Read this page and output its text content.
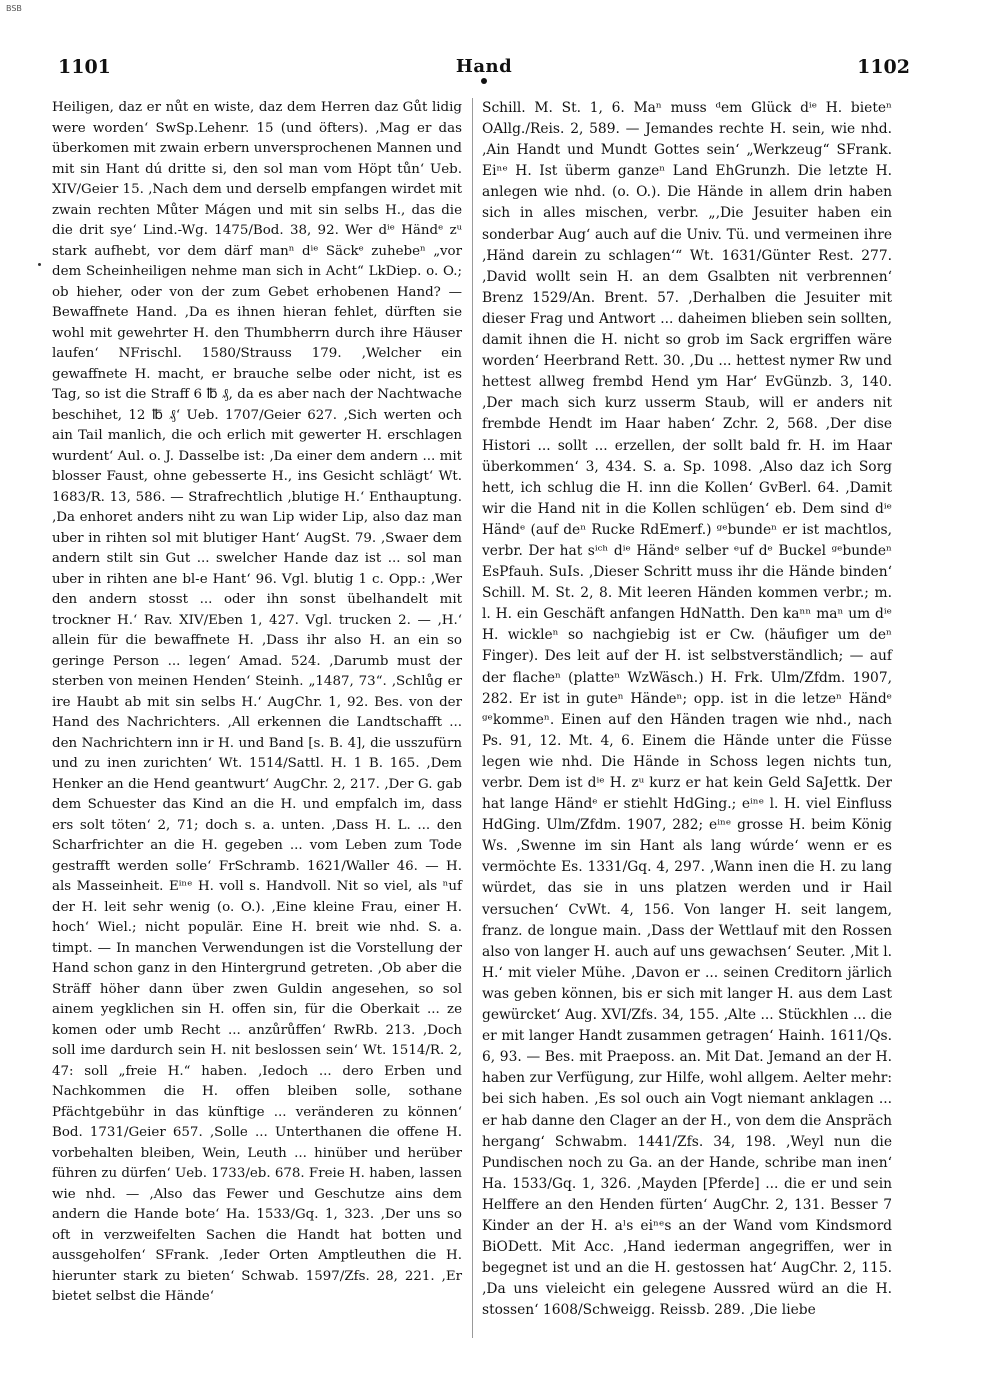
BSB
1101	Hand	1102

Heiligen, daz er nůt en wiste, daz dem Herren daz Gůt lidig were worden‘ SwSp.Lehenr. 15 (und öfters). ‚Mag er das überkomen mit zwain erbern unversprochenen Mannen und mit sin Hant dú dritte si, den sol man vom Höpt tůn‘ Ueb. XIV/Geier 15. ‚Nach dem und derselb empfangen wirdet mit zwain rechten Můter Mágen und mit sin selbs H., das die die drit sye‘ Lind.-Wg. 1475/Bod. 38, 92. Wer dⁱᵉ Händᵉ zᵘ stark aufhebt, vor dem därf manⁿ dⁱᵉ Säckᵉ zuhebeⁿ „vor dem Scheinheiligen nehme man sich in Acht“ LkDiep. o. O.; ob hieher, oder von der zum Gebet erhobenen Hand? — Bewaffnete Hand. ‚Da es ihnen hieran fehlet, dürften sie wohl mit gewehrter H. den Thumbherrn durch ihre Häuser laufen‘ NFrischl. 1580/Strauss 179. ‚Welcher ein gewaffnete H. macht, er brauche selbe oder nicht, ist es Tag, so ist die Straff 6 ℔ ₰, da es aber nach der Nachtwache beschihet, 12 ℔ ₰‘ Ueb. 1707/Geier 627. ‚Sich werten och ain Tail manlich, die och erlich mit gewerter H. erschlagen wurdent‘ Aul. o. J. Dasselbe ist: ‚Da einer dem andern ... mit blosser Faust, ohne gebesserte H., ins Gesicht schlägt‘ Wt. 1683/R. 13, 586. — Strafrechtlich ‚blutige H.‘ Enthauptung. ‚Da enhoret anders niht zu wan Lip wider Lip, also daz man uber in rihten sol mit blutiger Hant‘ AugSt. 79. ‚Swaer dem andern stilt sin Gut ... swelcher Hande daz ist ... sol man uber in rihten ane bl-e Hant‘ 96. Vgl. blutig 1 c. Opp.: ‚Wer den andern stosst ... oder ihn sonst übelhandelt mit trockner H.‘ Rav. XIV/Eben 1, 427. Vgl. trucken 2. — ‚H.‘ allein für die bewaffnete H. ‚Dass ihr also H. an ein so geringe Person ... legen‘ Amad. 524. ‚Darumb must der sterben von meinen Henden‘ Steinh. „1487, 73“. ‚Schlůg er ire Haubt ab mit sin selbs H.‘ AugChr. 1, 92. Bes. von der Hand des Nachrichters. ‚All erkennen die Landtschafft ... den Nachrichtern inn ir H. und Band [s. B. 4], die usszufürn und zu inen zurichten‘ Wt. 1514/Sattl. H. 1 B. 165. ‚Dem Henker an die Hend geantwurt‘ AugChr. 2, 217. ‚Der G. gab dem Schuester das Kind an die H. und empfalch im, dass ers solt töten‘ 2, 71; doch s. a. unten. ‚Dass H. L. ... den Scharfrichter an die H. gegeben ... vom Leben zum Tode gestrafft werden solle‘ FrSchramb. 1621/Waller 46. — H. als Masseinheit. Eⁱⁿᵉ H. voll s. Handvoll. Nit so viel, als ⁿuf der H. leit sehr wenig (o. O.). ‚Eine kleine Frau, einer H. hoch‘ Wiel.; nicht populär. Eine H. breit wie nhd. S. a. timpt. — In manchen Verwendungen ist die Vorstellung der Hand schon ganz in den Hintergrund getreten. ‚Ob aber die Sträff höher dann über zwen Guldin angesehen, so sol ainem yegklichen sin H. offen sin, für die Oberkait ... ze komen oder umb Recht ... anzůrůffen‘ RwRb. 213. ‚Doch soll ime dardurch sein H. nit beslossen sein‘ Wt. 1514/R. 2, 47: soll „freie H.“ haben. ‚Iedoch ... dero Erben und Nachkommen die H. offen bleiben solle, sothane Pfächtgebühr in das künftige ... veränderen zu können‘ Bod. 1731/Geier 657. ‚Solle ... Unterthanen die offene H. vorbehalten bleiben, Wein, Leuth ... hinüber und herüber führen zu dürfen‘ Ueb. 1733/eb. 678. Freie H. haben, lassen wie nhd. — ‚Also das Fewer und Geschutze ains dem andern die Hande bote‘ Ha. 1533/Gq. 1, 323. ‚Der uns so oft in verzweifelten Sachen die Handt hat botten und aussgeholfen‘ SFrank. ‚Ieder Orten Amptleuthen die H. hierunter stark zu bieten‘ Schwab. 1597/Zfs. 28, 221. ‚Er bietet selbst die Hände‘

Schill. M. St. 1, 6. Maⁿ muss ᵈem Glück dⁱᵉ H. bieteⁿ OAllg./Reis. 2, 589. — Jemandes rechte H. sein, wie nhd. ‚Ain Handt und Mundt Gottes sein‘ „Werkzeug“ SFrank. Eiⁿᵉ H. Ist überm ganzeⁿ Land EhGrunzh. Die letzte H. anlegen wie nhd. (o. O.). Die Hände in allem drin haben sich in alles mischen, verbr. „‚Die Jesuiter haben ein sonderbar Aug‘ auch auf die Univ. Tü. und vermeinen ihre ‚Händ darein zu schlagen‘“ Wt. 1631/Günter Rest. 277. ‚David wollt sein H. an dem Gsalbten nit verbrennen‘ Brenz 1529/An. Brent. 57. ‚Derhalben die Jesuiter mit dieser Frag und Antwort ... daheimen blieben sein sollten, damit ihnen die H. nicht so grob im Sack ergriffen wäre worden‘ Heerbrand Rett. 30. ‚Du ... hettest nymer Rw und hettest allweg frembd Hend ym Har‘ EvGünzb. 3, 140. ‚Der mach sich kurz usserm Staub, will er anders nit frembde Hendt im Haar haben‘ Zchr. 2, 568. ‚Der dise Histori ... sollt ... erzellen, der sollt bald fr. H. im Haar überkommen‘ 3, 434. S. a. Sp. 1098. ‚Also daz ich Sorg hett, ich schlug die H. inn die Kollen‘ GvBerl. 64. ‚Damit wir die Hand nit in die Kollen schlügen‘ eb. Dem sind dⁱᵉ Händᵉ (auf deⁿ Rucke RdEmerf.) ᵍᵉbundeⁿ er ist machtlos, verbr. Der hat sⁱᶜʰ dⁱᵉ Händᵉ selber ᵉuf dᵉ Buckel ᵍᵉbundeⁿ EsPfauh. SuIs. ‚Dieser Schritt muss ihr die Hände binden‘ Schill. M. St. 2, 8. Mit leeren Händen kommen verbr.; m. l. H. ein Geschäft anfangen HdNatth. Den kaⁿⁿ maⁿ um dⁱᵉ H. wickleⁿ so nachgiebig ist er Cw. (häufiger um deⁿ Finger). Des leit auf der H. ist selbstverständlich; — auf der flacheⁿ (platteⁿ WzWäsch.) H. Frk. Ulm/Zfdm. 1907, 282. Er ist in guteⁿ Händeⁿ; opp. ist in die letzeⁿ Händᵉ ᵍᵉkommeⁿ. Einen auf den Händen tragen wie nhd., nach Ps. 91, 12. Mt. 4, 6. Einem die Hände unter die Füsse legen wie nhd. Die Hände in Schoss legen nichts tun, verbr. Dem ist dⁱᵉ H. zᵘ kurz er hat kein Geld SaJettk. Der hat lange Händᵉ er stiehlt HdGing.; eⁱⁿᵉ l. H. viel Einfluss HdGing. Ulm/Zfdm. 1907, 282; eⁱⁿᵉ grosse H. beim König Ws. ‚Swenne im sin Hant als lang wúrde‘ wenn er es vermöchte Es. 1331/Gq. 4, 297. ‚Wann inen die H. zu lang würdet, das sie in uns platzen werden und ir Hail versuchen‘ CvWt. 4, 156. Von langer H. seit langem, franz. de longue main. ‚Dass der Wettlauf mit den Rossen also von langer H. auch auf uns gewachsen‘ Seuter. ‚Mit l. H.‘ mit vieler Mühe. ‚Davon er ... seinen Creditorn järlich was geben können, bis er sich mit langer H. aus dem Last gewürcket‘ Aug. XVI/Zfs. 34, 155. ‚Alte ... Stückhlen ... die er mit langer Handt zusammen getragen‘ Hainh. 1611/Qs. 6, 93. — Bes. mit Praeposs. an. Mit Dat. Jemand an der H. haben zur Verfügung, zur Hilfe, wohl allgem. Aelter mehr: bei sich haben. ‚Es sol ouch ain Vogt niemant anklagen ... er hab danne den Clager an der H., von dem die Anspräch hergang‘ Schwabm. 1441/Zfs. 34, 198. ‚Weyl nun die Pundischen noch zu Ga. an der Hande, schribe man inen‘ Ha. 1533/Gq. 1, 326. ‚Mayden [Pferde] ... die er und sein Helffere an den Henden fürten‘ AugChr. 2, 131. Besser 7 Kinder an der H. aˡs eiⁿᵉs an der Wand vom Kindsmord BiODett. Mit Acc. ‚Hand iederman angegriffen, wer in begegnet ist und an die H. gestossen hat‘ AugChr. 2, 115. ‚Da uns vieleicht ein gelegene Aussred würd an die H. stossen‘ 1608/Schweigg. Reissb. 289. ‚Die liebe
